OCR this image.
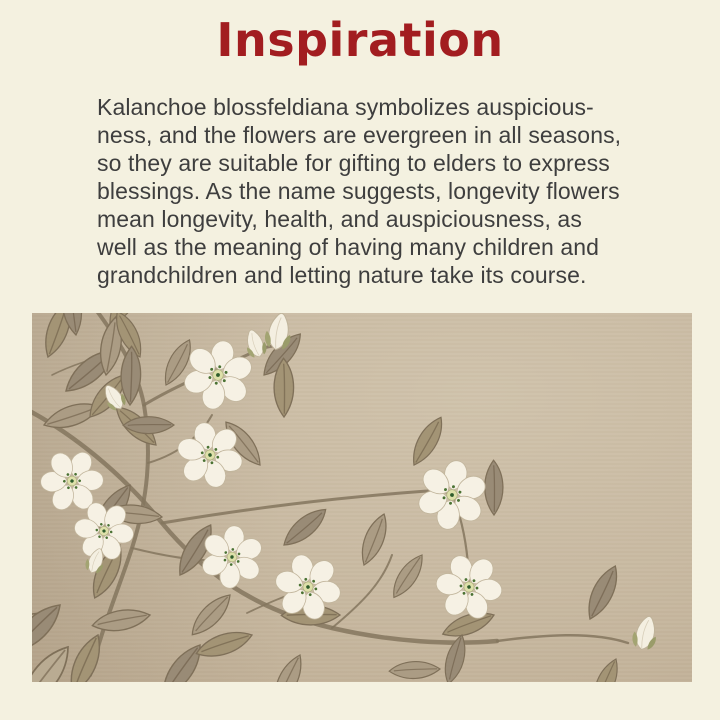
Inspiration
Kalanchoe blossfeldiana symbolizes auspicious-
ness, and the flowers are evergreen in all seasons,
so they are suitable for gifting to elders to express
blessings. As the name suggests, longevity flowers
mean longevity, health, and auspiciousness, as
well as the meaning of having many children and
grandchildren and letting nature take its course.
